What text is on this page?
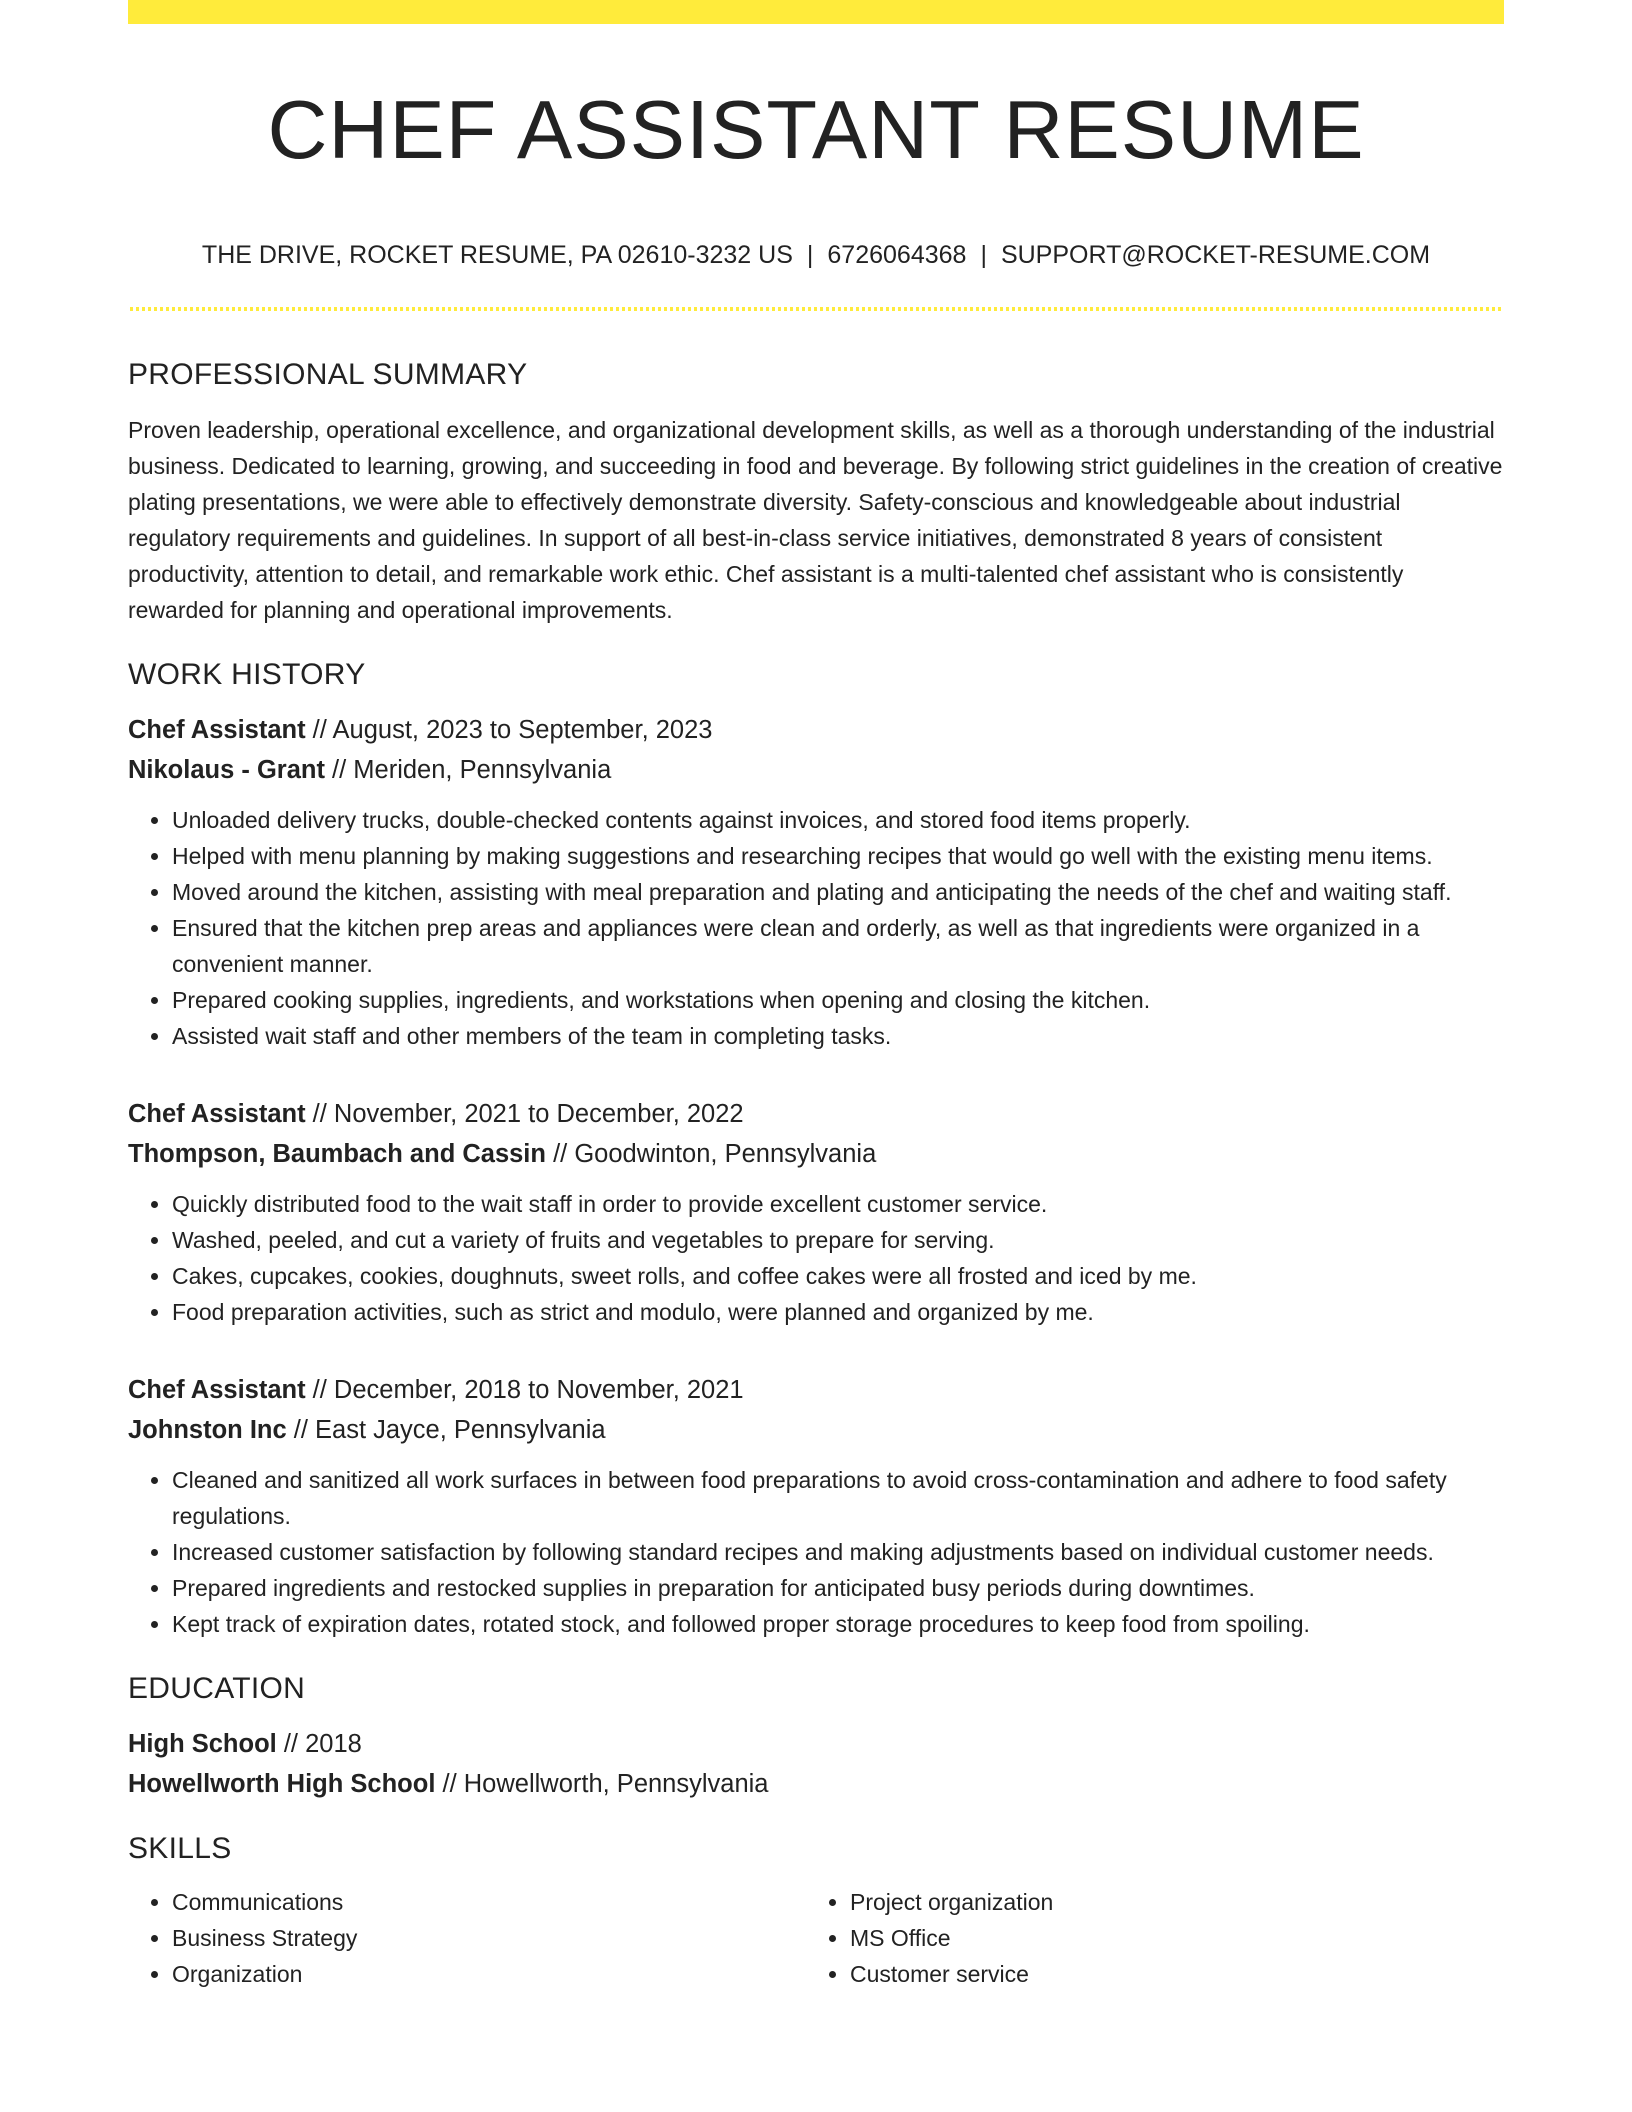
CHEF ASSISTANT RESUME
THE DRIVE, ROCKET RESUME, PA 02610-3232 US | 6726064368 | SUPPORT@ROCKET-RESUME.COM
PROFESSIONAL SUMMARY

Proven leadership, operational excellence, and organizational development skills, as well as a thorough understanding of the industrial business. Dedicated to learning, growing, and succeeding in food and beverage. By following strict guidelines in the creation of creative plating presentations, we were able to effectively demonstrate diversity. Safety-conscious and knowledgeable about industrial regulatory requirements and guidelines. In support of all best-in-class service initiatives, demonstrated 8 years of consistent productivity, attention to detail, and remarkable work ethic. Chef assistant is a multi-talented chef assistant who is consistently rewarded for planning and operational improvements.

WORK HISTORY
Chef Assistant // August, 2023 to September, 2023
Nikolaus - Grant // Meriden, Pennsylvania
• Unloaded delivery trucks, double-checked contents against invoices, and stored food items properly.
• Helped with menu planning by making suggestions and researching recipes that would go well with the existing menu items.
• Moved around the kitchen, assisting with meal preparation and plating and anticipating the needs of the chef and waiting staff.
• Ensured that the kitchen prep areas and appliances were clean and orderly, as well as that ingredients were organized in a convenient manner.
• Prepared cooking supplies, ingredients, and workstations when opening and closing the kitchen.
• Assisted wait staff and other members of the team in completing tasks.
Chef Assistant // November, 2021 to December, 2022
Thompson, Baumbach and Cassin // Goodwinton, Pennsylvania
• Quickly distributed food to the wait staff in order to provide excellent customer service.
• Washed, peeled, and cut a variety of fruits and vegetables to prepare for serving.
• Cakes, cupcakes, cookies, doughnuts, sweet rolls, and coffee cakes were all frosted and iced by me.
• Food preparation activities, such as strict and modulo, were planned and organized by me.
Chef Assistant // December, 2018 to November, 2021
Johnston Inc // East Jayce, Pennsylvania
• Cleaned and sanitized all work surfaces in between food preparations to avoid cross-contamination and adhere to food safety regulations.
• Increased customer satisfaction by following standard recipes and making adjustments based on individual customer needs.
• Prepared ingredients and restocked supplies in preparation for anticipated busy periods during downtimes.
• Kept track of expiration dates, rotated stock, and followed proper storage procedures to keep food from spoiling.
EDUCATION
High School // 2018
Howellworth High School // Howellworth, Pennsylvania
SKILLS
• Communications
• Business Strategy
• Organization
• Project organization
• MS Office
• Customer service
